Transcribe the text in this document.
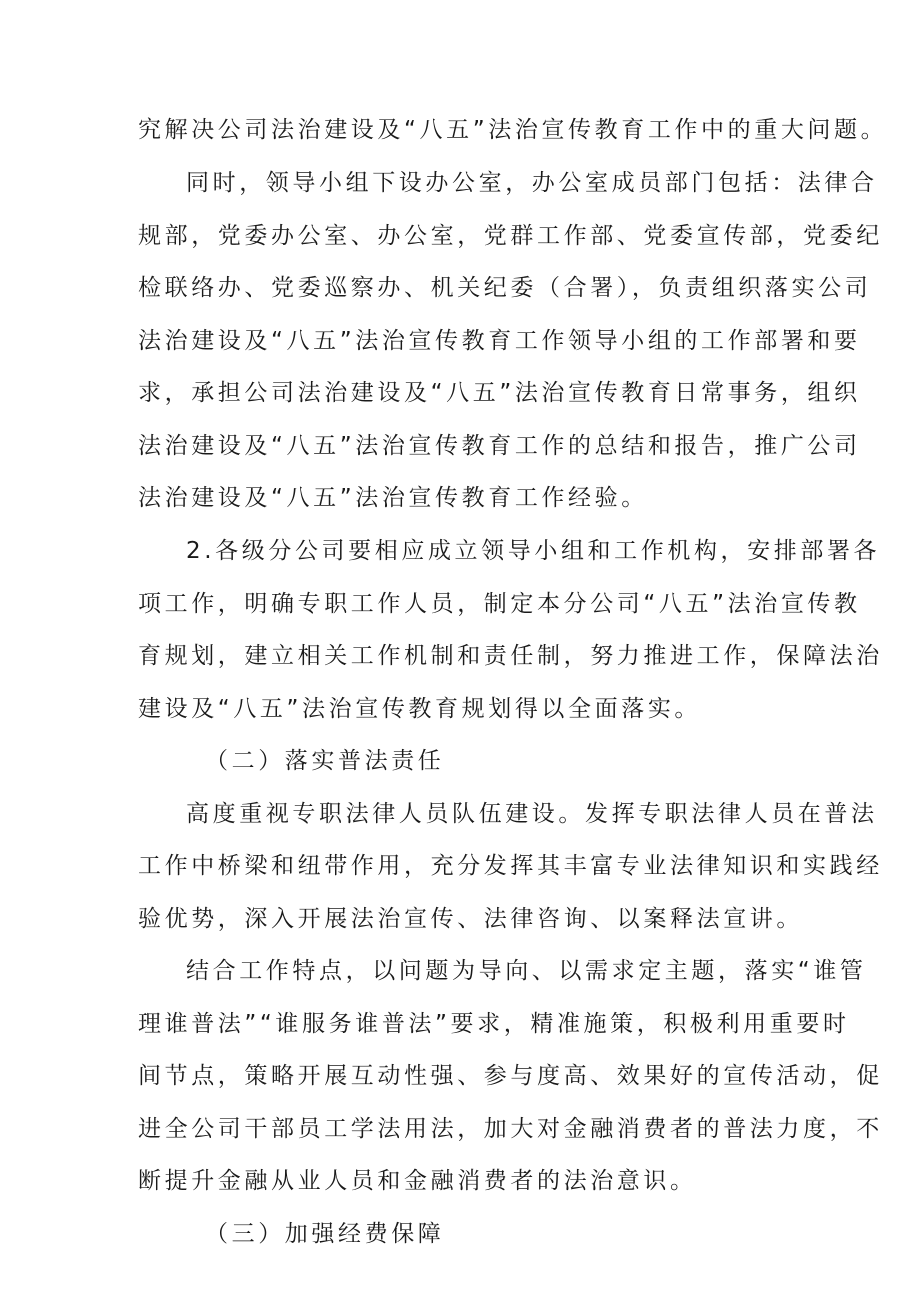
究解决公司法治建设及“八五”法治宣传教育工作中的重大问题。
同时，领导小组下设办公室，办公室成员部门包括：法律合
规部，党委办公室、办公室，党群工作部、党委宣传部，党委纪
检联络办、党委巡察办、机关纪委（合署），负责组织落实公司
法治建设及“八五”法治宣传教育工作领导小组的工作部署和要
求，承担公司法治建设及“八五”法治宣传教育日常事务，组织
法治建设及“八五”法治宣传教育工作的总结和报告，推广公司
法治建设及“八五”法治宣传教育工作经验。
2.各级分公司要相应成立领导小组和工作机构，安排部署各
项工作，明确专职工作人员，制定本分公司“八五”法治宣传教
育规划，建立相关工作机制和责任制，努力推进工作，保障法治
建设及“八五”法治宣传教育规划得以全面落实。
（二）落实普法责任
高度重视专职法律人员队伍建设。发挥专职法律人员在普法
工作中桥梁和纽带作用，充分发挥其丰富专业法律知识和实践经
验优势，深入开展法治宣传、法律咨询、以案释法宣讲。
结合工作特点，以问题为导向、以需求定主题，落实“谁管
理谁普法”“谁服务谁普法”要求，精准施策，积极利用重要时
间节点，策略开展互动性强、参与度高、效果好的宣传活动，促
进全公司干部员工学法用法，加大对金融消费者的普法力度，不
断提升金融从业人员和金融消费者的法治意识。
（三）加强经费保障
